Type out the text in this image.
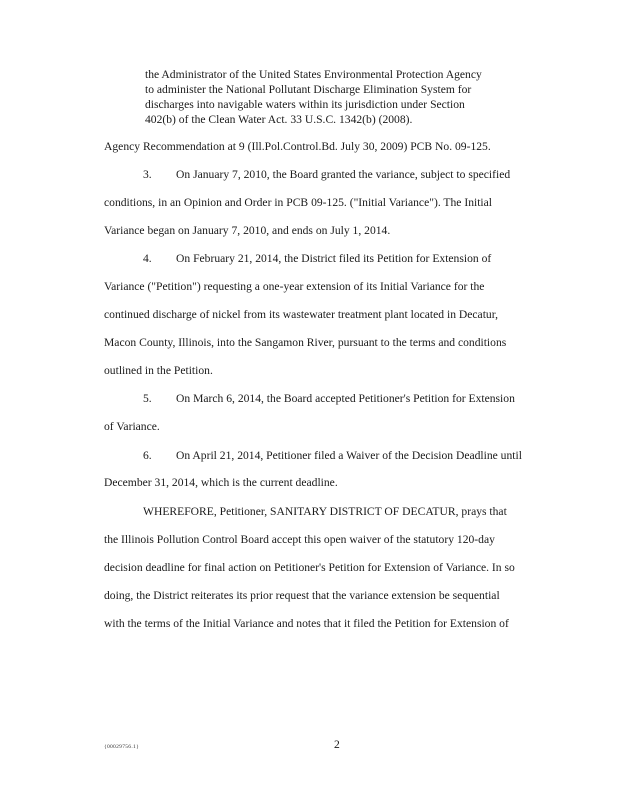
the Administrator of the United States Environmental Protection Agency
to administer the National Pollutant Discharge Elimination System for
discharges into navigable waters within its jurisdiction under Section
402(b) of the Clean Water Act. 33 U.S.C. 1342(b) (2008).
Agency Recommendation at 9 (Ill.Pol.Control.Bd. July 30, 2009) PCB No. 09-125.
3. On January 7, 2010, the Board granted the variance, subject to specified
conditions, in an Opinion and Order in PCB 09-125. ("Initial Variance"). The Initial
Variance began on January 7, 2010, and ends on July 1, 2014.
4. On February 21, 2014, the District filed its Petition for Extension of
Variance ("Petition") requesting a one-year extension of its Initial Variance for the
continued discharge of nickel from its wastewater treatment plant located in Decatur,
Macon County, Illinois, into the Sangamon River, pursuant to the terms and conditions
outlined in the Petition.
5. On March 6, 2014, the Board accepted Petitioner's Petition for Extension
of Variance.
6. On April 21, 2014, Petitioner filed a Waiver of the Decision Deadline until
December 31, 2014, which is the current deadline.
WHEREFORE, Petitioner, SANITARY DISTRICT OF DECATUR, prays that
the Illinois Pollution Control Board accept this open waiver of the statutory 120-day
decision deadline for final action on Petitioner's Petition for Extension of Variance. In so
doing, the District reiterates its prior request that the variance extension be sequential
with the terms of the Initial Variance and notes that it filed the Petition for Extension of
{00029756.1}	2
